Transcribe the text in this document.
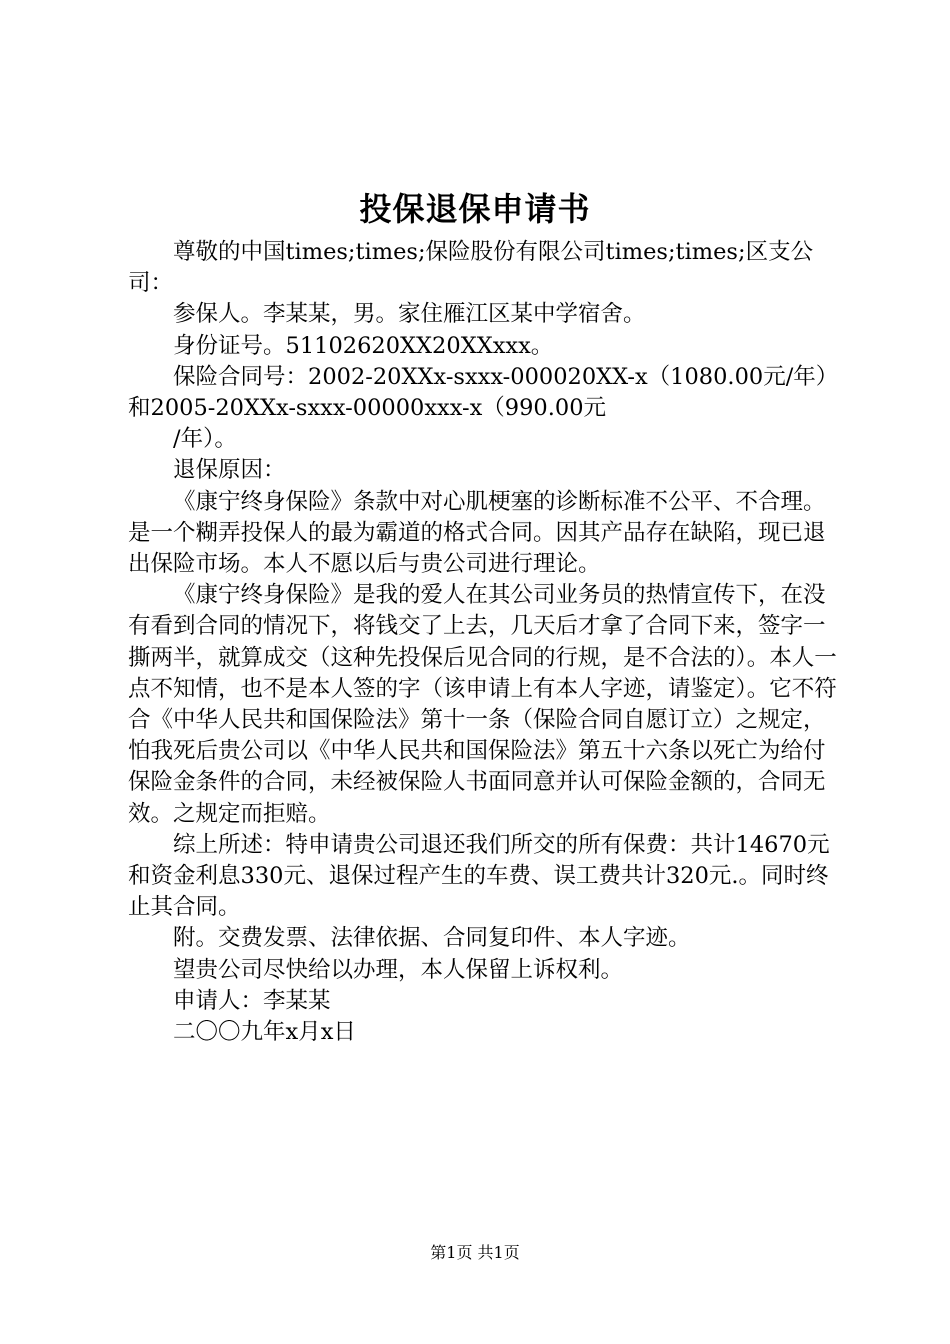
投保退保申请书

尊敬的中国times;times;保险股份有限公司times;times;区支公司：

参保人。李某某，男。家住雁江区某中学宿舍。

身份证号。51102620XX20XXxxx。

保险合同号：2002-20XXx-sxxx-000020XX-x（1080.00元/年）和2005-20XXx-sxxx-00000xxx-x（990.00元

/年）。

退保原因：

《康宁终身保险》条款中对心肌梗塞的诊断标准不公平、不合理。是一个糊弄投保人的最为霸道的格式合同。因其产品存在缺陷，现已退出保险市场。本人不愿以后与贵公司进行理论。

《康宁终身保险》是我的爱人在其公司业务员的热情宣传下，在没有看到合同的情况下，将钱交了上去，几天后才拿了合同下来，签字一撕两半，就算成交（这种先投保后见合同的行规，是不合法的）。本人一点不知情，也不是本人签的字（该申请上有本人字迹，请鉴定）。它不符合《中华人民共和国保险法》第十一条（保险合同自愿订立）之规定，怕我死后贵公司以《中华人民共和国保险法》第五十六条以死亡为给付保险金条件的合同，未经被保险人书面同意并认可保险金额的，合同无效。之规定而拒赔。

综上所述：特申请贵公司退还我们所交的所有保费：共计14670元和资金利息330元、退保过程产生的车费、误工费共计320元.。同时终止其合同。

附。交费发票、法律依据、合同复印件、本人字迹。

望贵公司尽快给以办理，本人保留上诉权利。

申请人：李某某

二〇〇九年x月x日

第1页 共1页
